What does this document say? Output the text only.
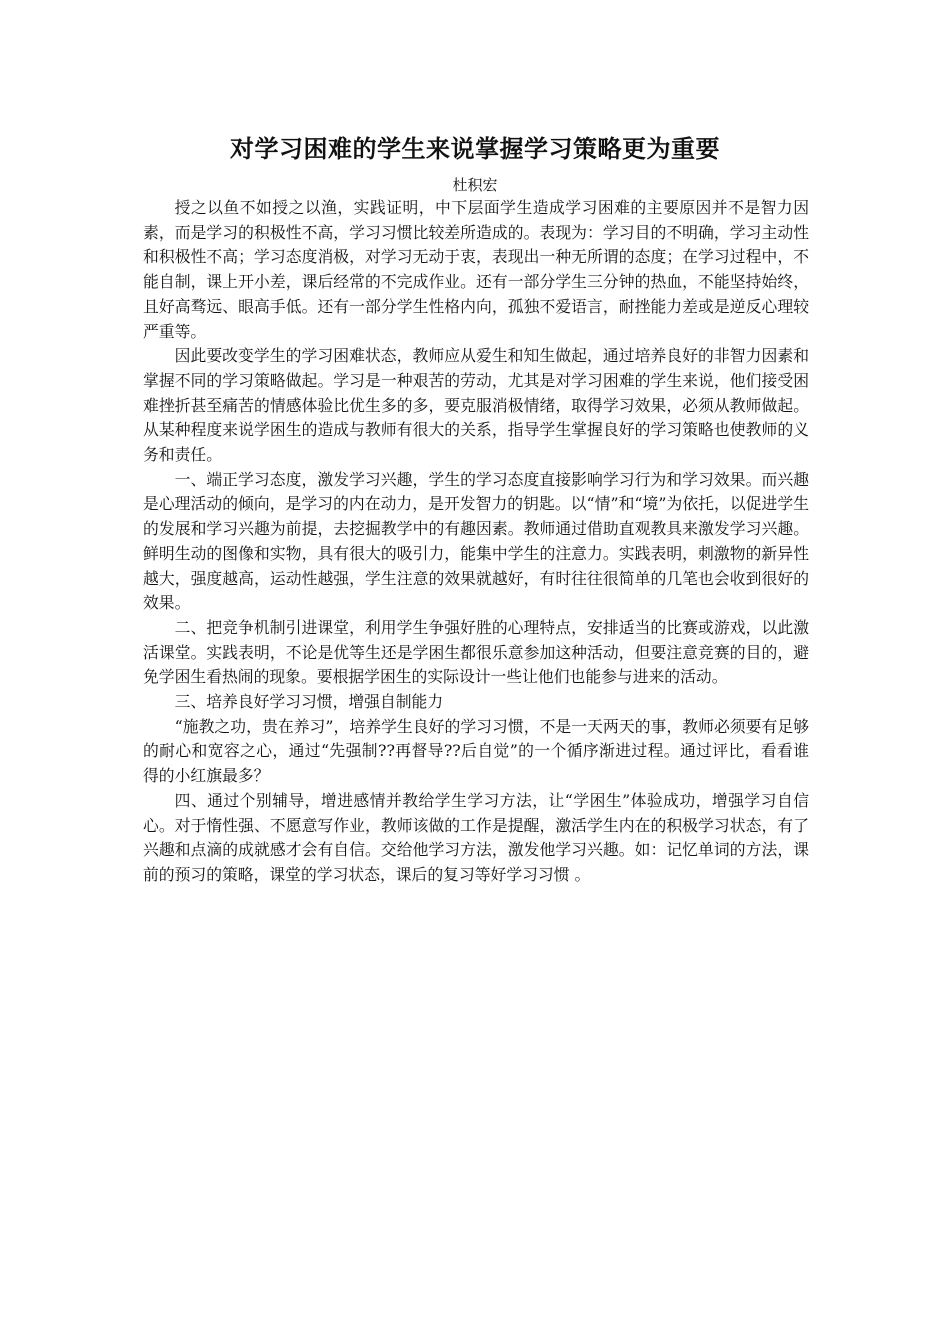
对学习困难的学生来说掌握学习策略更为重要

杜积宏

授之以鱼不如授之以渔，实践证明，中下层面学生造成学习困难的主要原因并不是智力因素，而是学习的积极性不高，学习习惯比较差所造成的。表现为：学习目的不明确，学习主动性和积极性不高；学习态度消极，对学习无动于衷，表现出一种无所谓的态度；在学习过程中，不能自制，课上开小差，课后经常的不完成作业。还有一部分学生三分钟的热血，不能坚持始终，且好高骛远、眼高手低。还有一部分学生性格内向，孤独不爱语言，耐挫能力差或是逆反心理较严重等。

因此要改变学生的学习困难状态，教师应从爱生和知生做起，通过培养良好的非智力因素和掌握不同的学习策略做起。学习是一种艰苦的劳动，尤其是对学习困难的学生来说，他们接受困难挫折甚至痛苦的情感体验比优生多的多，要克服消极情绪，取得学习效果，必须从教师做起。从某种程度来说学困生的造成与教师有很大的关系，指导学生掌握良好的学习策略也使教师的义务和责任。

一、端正学习态度，激发学习兴趣，学生的学习态度直接影响学习行为和学习效果。而兴趣是心理活动的倾向，是学习的内在动力，是开发智力的钥匙。以“情”和“境”为依托，以促进学生的发展和学习兴趣为前提，去挖掘教学中的有趣因素。教师通过借助直观教具来激发学习兴趣。鲜明生动的图像和实物，具有很大的吸引力，能集中学生的注意力。实践表明，刺激物的新异性越大，强度越高，运动性越强，学生注意的效果就越好，有时往往很简单的几笔也会收到很好的效果。

二、把竞争机制引进课堂，利用学生争强好胜的心理特点，安排适当的比赛或游戏，以此激活课堂。实践表明，不论是优等生还是学困生都很乐意参加这种活动，但要注意竞赛的目的，避免学困生看热闹的现象。要根据学困生的实际设计一些让他们也能参与进来的活动。

三、培养良好学习习惯，增强自制能力

“施教之功，贵在养习”，培养学生良好的学习习惯，不是一天两天的事，教师必须要有足够的耐心和宽容之心，通过“先强制??再督导??后自觉”的一个循序渐进过程。通过评比，看看谁得的小红旗最多？

四、通过个别辅导，增进感情并教给学生学习方法，让“学困生”体验成功，增强学习自信心。对于惰性强、不愿意写作业，教师该做的工作是提醒，激活学生内在的积极学习状态，有了兴趣和点滴的成就感才会有自信。交给他学习方法，激发他学习兴趣。如：记忆单词的方法，课前的预习的策略，课堂的学习状态，课后的复习等好学习习惯 。
